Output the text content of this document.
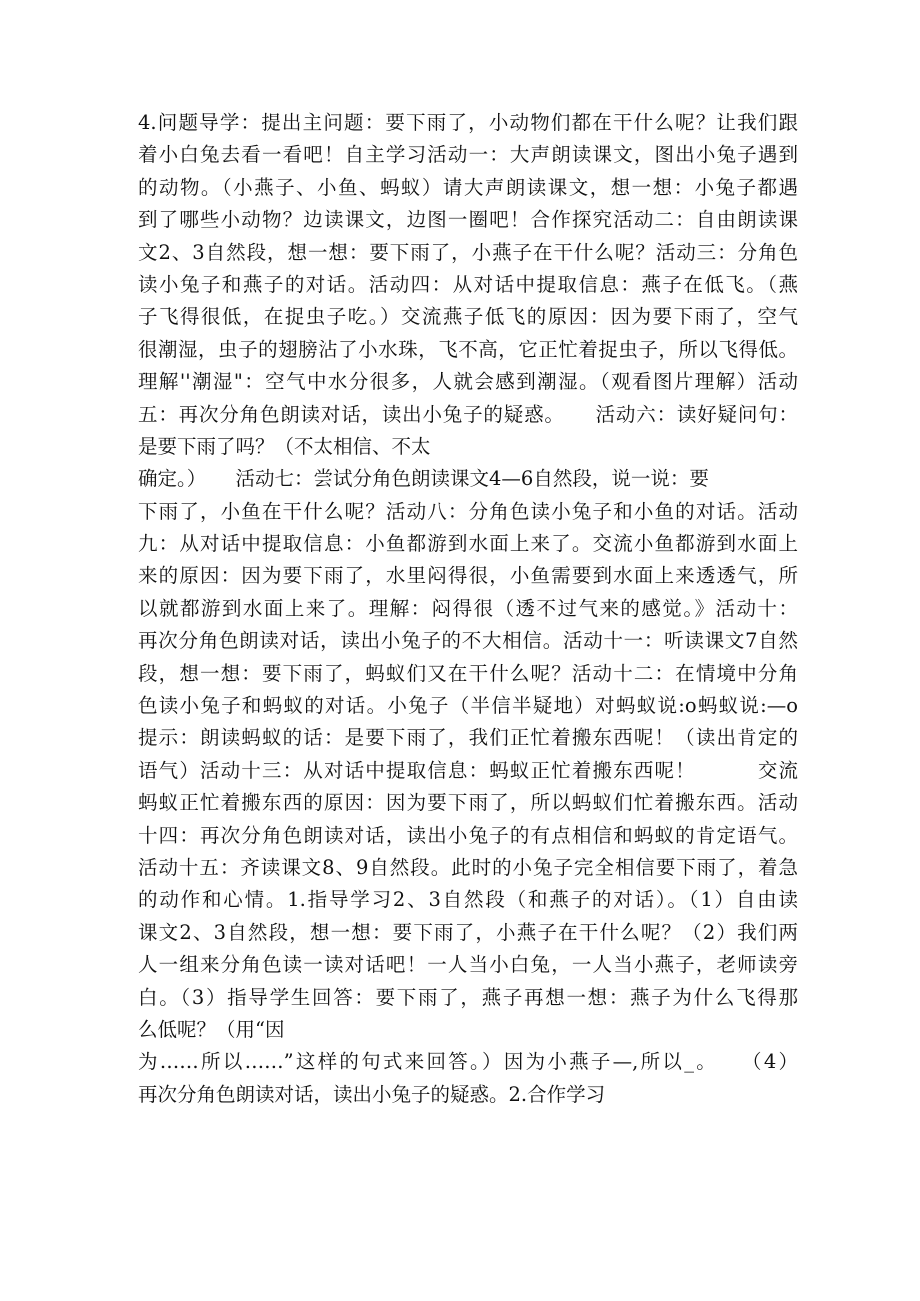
4.问题导学：提出主问题：要下雨了，小动物们都在干什么呢？让我们跟
着小白兔去看一看吧！自主学习活动一：大声朗读课文，图出小兔子遇到
的动物。（小燕子、小鱼、蚂蚁）请大声朗读课文，想一想：小兔子都遇
到了哪些小动物？边读课文，边图一圈吧！合作探究活动二：自由朗读课
文2、3自然段，想一想：要下雨了，小燕子在干什么呢？活动三：分角色
读小兔子和燕子的对话。活动四：从对话中提取信息：燕子在低飞。（燕
子飞得很低，在捉虫子吃。）交流燕子低飞的原因：因为要下雨了，空气
很潮湿，虫子的翅膀沾了小水珠，飞不高，它正忙着捉虫子，所以飞得低。
理解''潮湿"：空气中水分很多，人就会感到潮湿。（观看图片理解）活动
五：再次分角色朗读对话，读出小兔子的疑惑。　　活动六：读好疑问句：
是要下雨了吗？（不太相信、不太
确定。）　　活动七：尝试分角色朗读课文4—6自然段，说一说：要
下雨了，小鱼在干什么呢？活动八：分角色读小兔子和小鱼的对话。活动
九：从对话中提取信息：小鱼都游到水面上来了。交流小鱼都游到水面上
来的原因：因为要下雨了，水里闷得很，小鱼需要到水面上来透透气，所
以就都游到水面上来了。理解：闷得很（透不过气来的感觉。》活动十：
再次分角色朗读对话，读出小兔子的不大相信。活动十一：听读课文7自然
段，想一想：要下雨了，蚂蚁们又在干什么呢？活动十二：在情境中分角
色读小兔子和蚂蚁的对话。小兔子（半信半疑地）对蚂蚁说:o蚂蚁说:—o
提示：朗读蚂蚁的话：是要下雨了，我们正忙着搬东西呢！（读出肯定的
语气）活动十三：从对话中提取信息：蚂蚁正忙着搬东西呢！　　　交流
蚂蚁正忙着搬东西的原因：因为要下雨了，所以蚂蚁们忙着搬东西。活动
十四：再次分角色朗读对话，读出小兔子的有点相信和蚂蚁的肯定语气。
活动十五：齐读课文8、9自然段。此时的小兔子完全相信要下雨了，着急
的动作和心情。1.指导学习2、3自然段（和燕子的对话）。（1）自由读
课文2、3自然段，想一想：要下雨了，小燕子在干什么呢？（2）我们两
人一组来分角色读一读对话吧！一人当小白兔，一人当小燕子，老师读旁
白。（3）指导学生回答：要下雨了，燕子再想一想：燕子为什么飞得那
么低呢？（用“因
为……所以……”这样的句式来回答。）因为小燕子—,所以_。　　（4）
再次分角色朗读对话，读出小兔子的疑惑。2.合作学习
